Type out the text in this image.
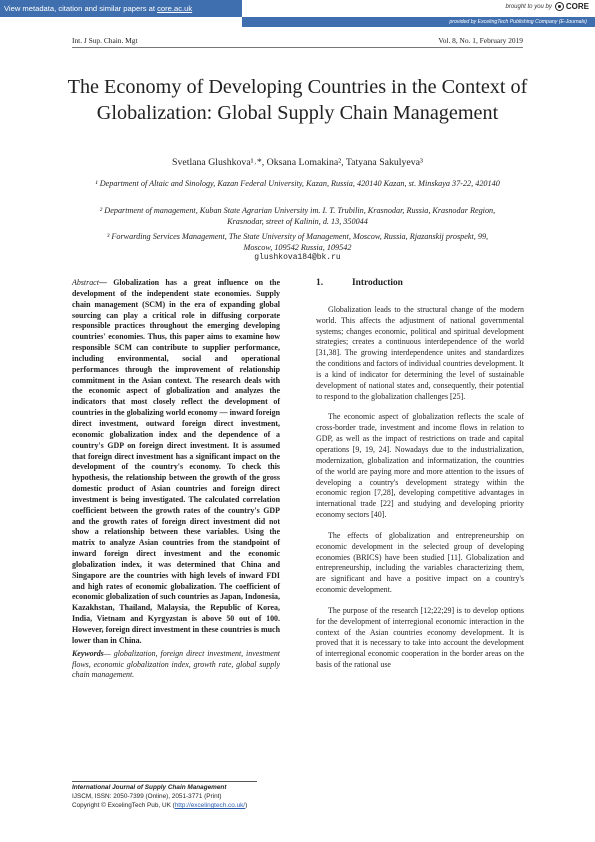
View metadata, citation and similar papers at core.ac.uk	brought to you by CORE
provided by ExcelingTech Publishing Company (E-Journals)
Int. J Sup. Chain. Mgt	Vol. 8, No. 1, February 2019
The Economy of Developing Countries in the Context of Globalization: Global Supply Chain Management
Svetlana Glushkova¹˒*, Oksana Lomakina², Tatyana Sakulyeva³
¹ Department of Altaic and Sinology, Kazan Federal University, Kazan, Russia, 420140 Kazan, st. Minskaya 37-22, 420140
² Department of management, Kuban State Agrarian University im. I. T. Trubilin, Krasnodar, Russia, Krasnodar Region, Krasnodar, street of Kalinin, d. 13, 350044
³ Forwarding Services Management, The State University of Management, Moscow, Russia, Rjazanskij prospekt, 99, Moscow, 109542 Russia, 109542
glushkova184@bk.ru
Abstract— Globalization has a great influence on the development of the independent state economies. Supply chain management (SCM) in the era of expanding global sourcing can play a critical role in diffusing corporate responsible practices throughout the emerging developing countries' economies. Thus, this paper aims to examine how responsible SCM can contribute to supplier performance, including environmental, social and operational performances through the improvement of relationship commitment in the Asian context. The research deals with the economic aspect of globalization and analyzes the indicators that most closely reflect the development of countries in the globalizing world economy — inward foreign direct investment, outward foreign direct investment, economic globalization index and the dependence of a country's GDP on foreign direct investment. It is assumed that foreign direct investment has a significant impact on the development of the country's economy. To check this hypothesis, the relationship between the growth of the gross domestic product of Asian countries and foreign direct investment is being investigated. The calculated correlation coefficient between the growth rates of the country's GDP and the growth rates of foreign direct investment did not show a relationship between these variables. Using the matrix to analyze Asian countries from the standpoint of inward foreign direct investment and the economic globalization index, it was determined that China and Singapore are the countries with high levels of inward FDI and high rates of economic globalization. The coefficient of economic globalization of such countries as Japan, Indonesia, Kazakhstan, Thailand, Malaysia, the Republic of Korea, India, Vietnam and Kyrgyzstan is above 50 out of 100. However, foreign direct investment in these countries is much lower than in China.
Keywords— globalization, foreign direct investment, investment flows, economic globalization index, growth rate, global supply chain management.
1.	Introduction

Globalization leads to the structural change of the modern world. This affects the adjustment of national governmental systems; changes economic, political and spiritual development strategies; creates a continuous interdependence of the world [31,38]. The growing interdependence unites and standardizes the conditions and factors of individual countries development. It is a kind of indicator for determining the level of sustainable development of national states and, consequently, their potential to respond to the globalization challenges [25].

The economic aspect of globalization reflects the scale of cross-border trade, investment and income flows in relation to GDP, as well as the impact of restrictions on trade and capital operations [9, 19, 24]. Nowadays due to the industrialization, modernization, globalization and informatization, the countries of the world are paying more and more attention to the issues of developing a country's development strategy within the economic region [7,28], developing competitive advantages in international trade [22] and studying and developing priority economy sectors [40].

The effects of globalization and entrepreneurship on economic development in the selected group of developing economies (BRICS) have been studied [11]. Globalization and entrepreneurship, including the variables characterizing them, are significant and have a positive impact on a country's economic development.

The purpose of the research [12;22;29] is to develop options for the development of interregional economic interaction in the context of the Asian countries economy development. It is proved that it is necessary to take into account the development of interregional economic cooperation in the border areas on the basis of the rational use

International Journal of Supply Chain Management
IJSCM, ISSN: 2050-7399 (Online), 2051-3771 (Print)
Copyright © ExcelingTech Pub, UK (http://excelingtech.co.uk/)
